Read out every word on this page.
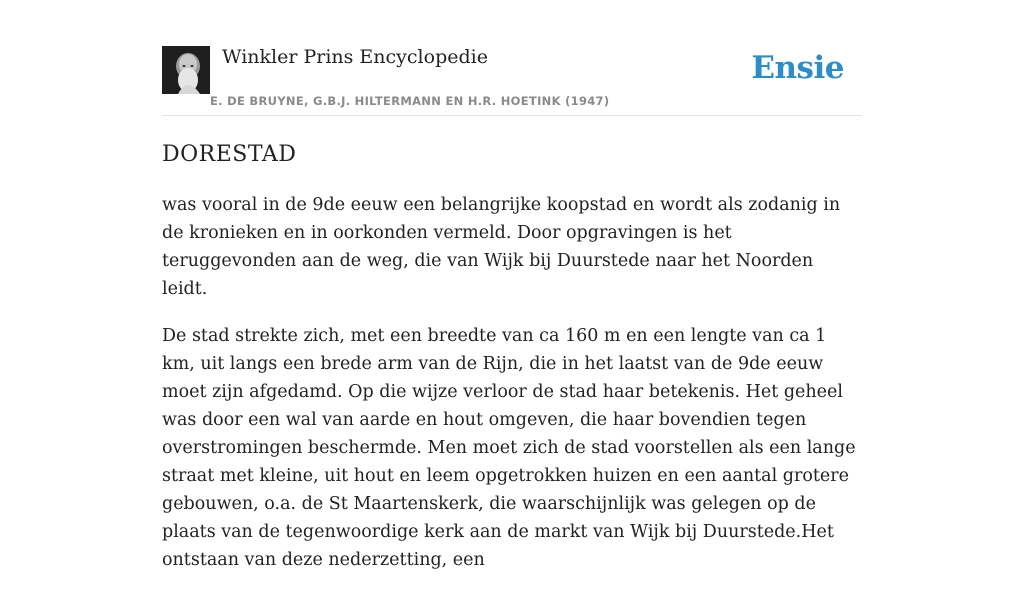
Winkler Prins Encyclopedie
E. DE BRUYNE, G.B.J. HILTERMANN EN H.R. HOETINK (1947)
Ensie
DORESTAD

was vooral in de 9de eeuw een belangrijke koopstad en wordt als zodanig in de kronieken en in oorkonden vermeld. Door opgravingen is het teruggevonden aan de weg, die van Wijk bij Duurstede naar het Noorden leidt.

De stad strekte zich, met een breedte van ca 160 m en een lengte van ca 1 km, uit langs een brede arm van de Rijn, die in het laatst van de 9de eeuw moet zijn afgedamd. Op die wijze verloor de stad haar betekenis. Het geheel was door een wal van aarde en hout omgeven, die haar bovendien tegen overstromingen beschermde. Men moet zich de stad voorstellen als een lange straat met kleine, uit hout en leem opgetrokken huizen en een aantal grotere gebouwen, o.a. de St Maartenskerk, die waarschijnlijk was gelegen op de plaats van de tegenwoordige kerk aan de markt van Wijk bij Duurstede.Het ontstaan van deze nederzetting, een
